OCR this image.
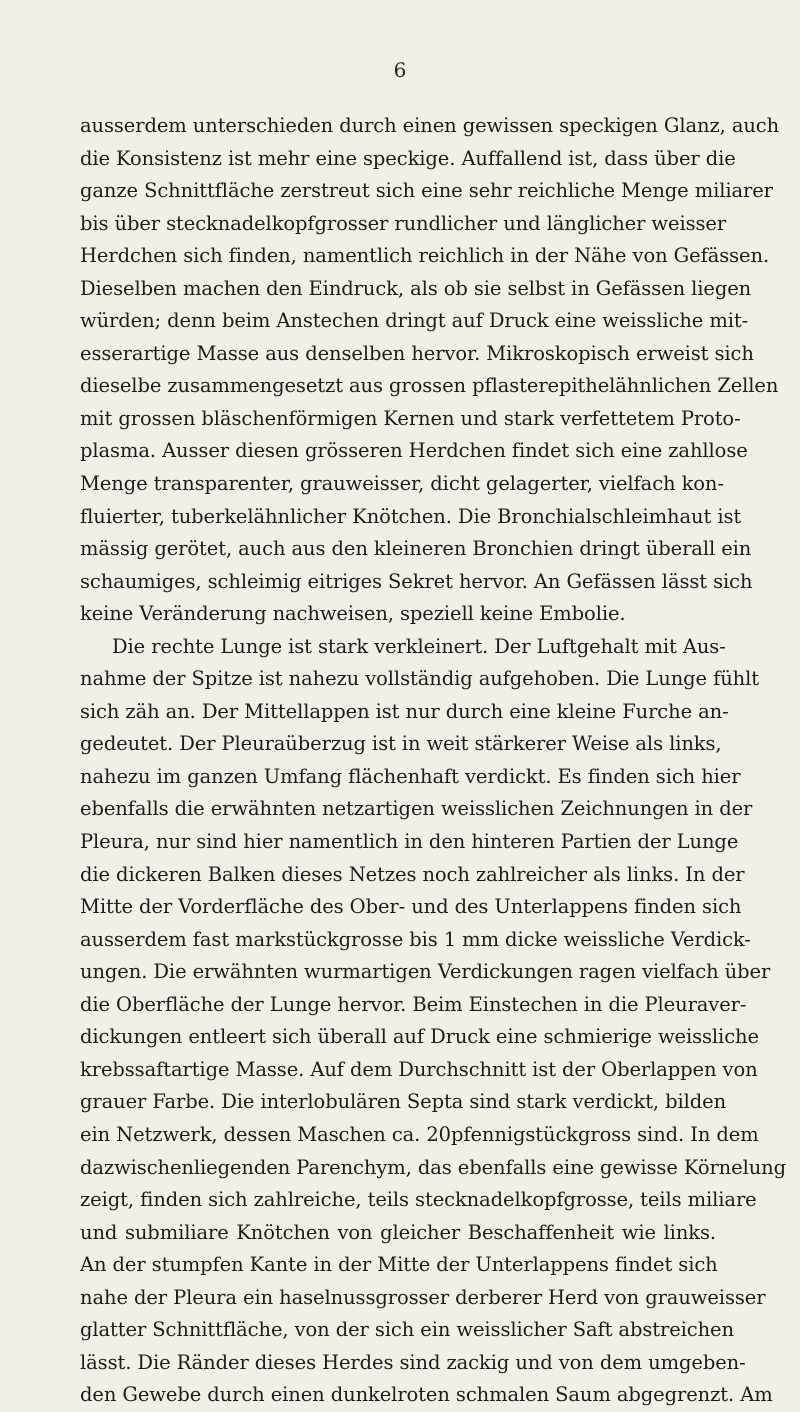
6
ausserdem unterschieden durch einen gewissen speckigen Glanz, auch
die Konsistenz ist mehr eine speckige. Auffallend ist, dass über die
ganze Schnittfläche zerstreut sich eine sehr reichliche Menge miliarer
bis über stecknadelkopfgrosser rundlicher und länglicher weisser
Herdchen sich finden, namentlich reichlich in der Nähe von Gefässen.
Dieselben machen den Eindruck, als ob sie selbst in Gefässen liegen
würden; denn beim Anstechen dringt auf Druck eine weissliche mit-
esserartige Masse aus denselben hervor. Mikroskopisch erweist sich
dieselbe zusammengesetzt aus grossen pflasterepithelähnlichen Zellen
mit grossen bläschenförmigen Kernen und stark verfettetem Proto-
plasma. Ausser diesen grösseren Herdchen findet sich eine zahllose
Menge transparenter, grauweisser, dicht gelagerter, vielfach kon-
fluierter, tuberkelähnlicher Knötchen. Die Bronchialschleimhaut ist
mässig gerötet, auch aus den kleineren Bronchien dringt überall ein
schaumiges, schleimig eitriges Sekret hervor. An Gefässen lässt sich
keine Veränderung nachweisen, speziell keine Embolie.
Die rechte Lunge ist stark verkleinert. Der Luftgehalt mit Aus-
nahme der Spitze ist nahezu vollständig aufgehoben. Die Lunge fühlt
sich zäh an. Der Mittellappen ist nur durch eine kleine Furche an-
gedeutet. Der Pleuraüberzug ist in weit stärkerer Weise als links,
nahezu im ganzen Umfang flächenhaft verdickt. Es finden sich hier
ebenfalls die erwähnten netzartigen weisslichen Zeichnungen in der
Pleura, nur sind hier namentlich in den hinteren Partien der Lunge
die dickeren Balken dieses Netzes noch zahlreicher als links. In der
Mitte der Vorderfläche des Ober- und des Unterlappens finden sich
ausserdem fast markstückgrosse bis 1 mm dicke weissliche Verdick-
ungen. Die erwähnten wurmartigen Verdickungen ragen vielfach über
die Oberfläche der Lunge hervor. Beim Einstechen in die Pleuraver-
dickungen entleert sich überall auf Druck eine schmierige weissliche
krebssaftartige Masse. Auf dem Durchschnitt ist der Oberlappen von
grauer Farbe. Die interlobulären Septa sind stark verdickt, bilden
ein Netzwerk, dessen Maschen ca. 20pfennigstückgross sind. In dem
dazwischenliegenden Parenchym, das ebenfalls eine gewisse Körnelung
zeigt, finden sich zahlreiche, teils stecknadelkopfgrosse, teils miliare
und submiliare Knötchen von gleicher Beschaffenheit wie links.
An der stumpfen Kante in der Mitte der Unterlappens findet sich
nahe der Pleura ein haselnussgrosser derberer Herd von grauweisser
glatter Schnittfläche, von der sich ein weisslicher Saft abstreichen
lässt. Die Ränder dieses Herdes sind zackig und von dem umgeben-
den Gewebe durch einen dunkelroten schmalen Saum abgegrenzt. Am
